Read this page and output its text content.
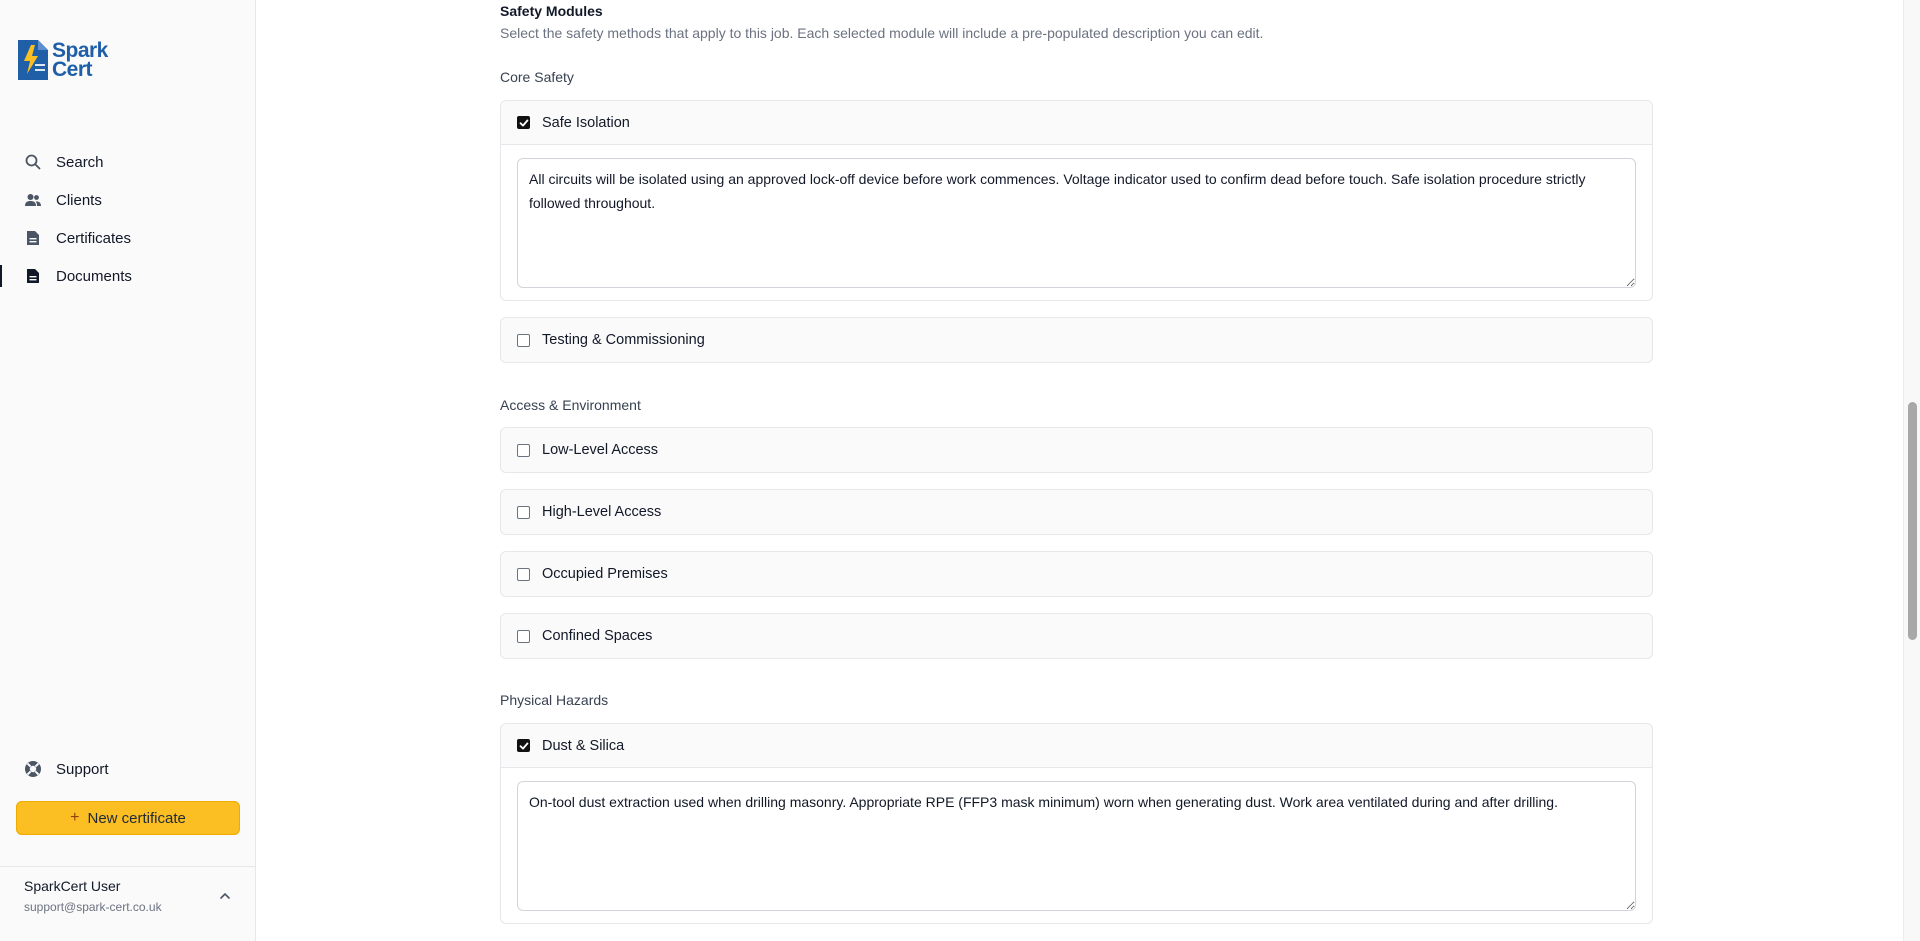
Spark
Cert
Search
Clients
Certificates
Documents
Support
+ New certificate
SparkCert User
support@spark-cert.co.uk
Safety Modules
Select the safety methods that apply to this job. Each selected module will include a pre-populated description you can edit.
Core Safety
Safe Isolation
All circuits will be isolated using an approved lock-off device before work commences. Voltage indicator used to confirm dead before touch. Safe isolation procedure strictly followed throughout.
Testing & Commissioning
Access & Environment
Low-Level Access
High-Level Access
Occupied Premises
Confined Spaces
Physical Hazards
Dust & Silica
On-tool dust extraction used when drilling masonry. Appropriate RPE (FFP3 mask minimum) worn when generating dust. Work area ventilated during and after drilling.
